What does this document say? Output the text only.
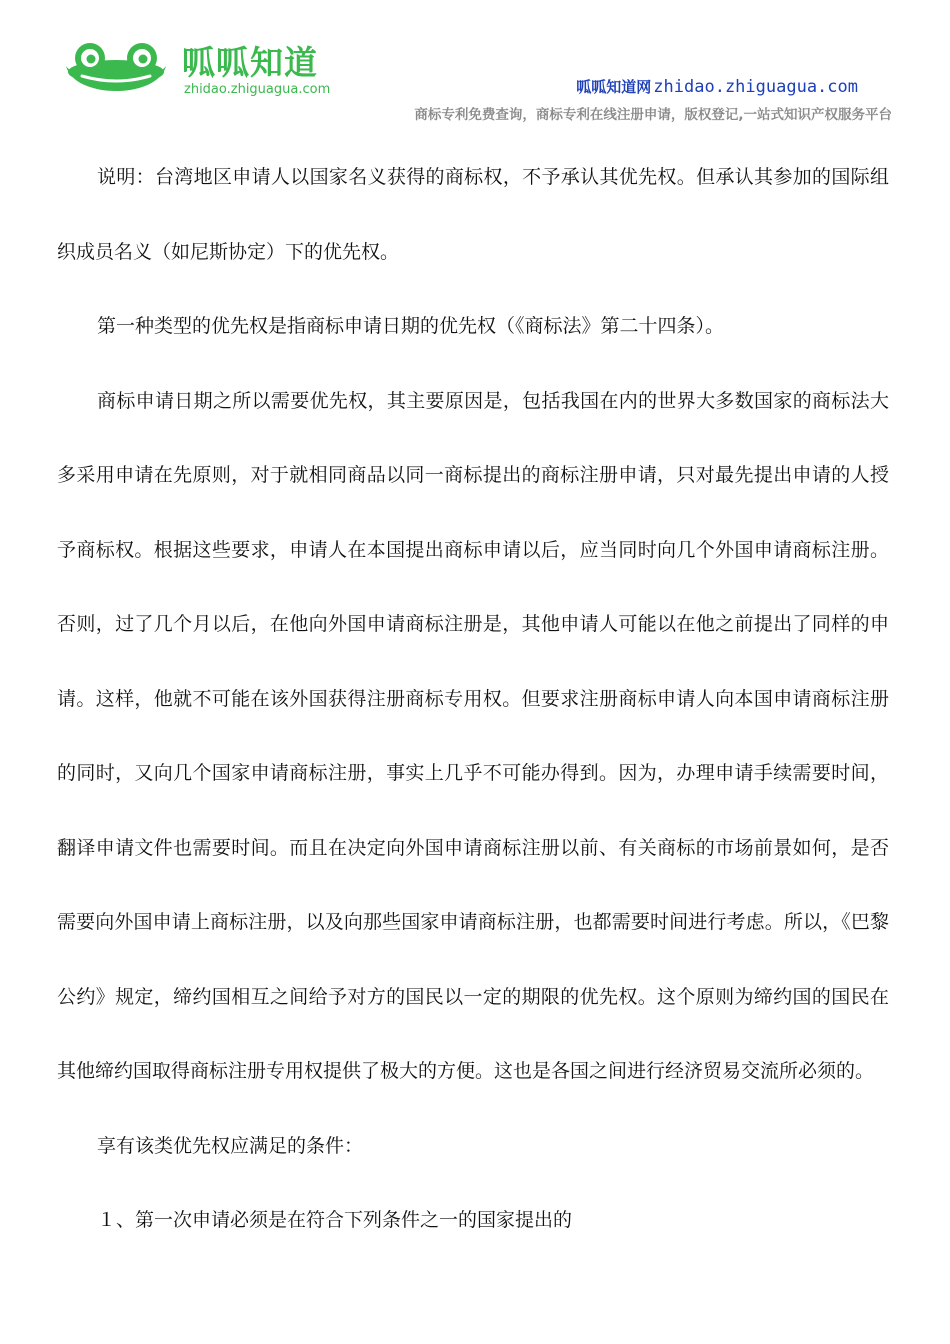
呱呱知道
zhidao.zhiguagua.com	呱呱知道网 zhidao.zhiguagua.com
商标专利免费查询，商标专利在线注册申请，版权登记,一站式知识产权服务平台

说明：台湾地区申请人以国家名义获得的商标权，不予承认其优先权。但承认其参加的国际组织成员名义（如尼斯协定）下的优先权。

第一种类型的优先权是指商标申请日期的优先权（《商标法》第二十四条）。

商标申请日期之所以需要优先权，其主要原因是，包括我国在内的世界大多数国家的商标法大多采用申请在先原则，对于就相同商品以同一商标提出的商标注册申请，只对最先提出申请的人授予商标权。根据这些要求，申请人在本国提出商标申请以后，应当同时向几个外国申请商标注册。否则，过了几个月以后，在他向外国申请商标注册是，其他申请人可能以在他之前提出了同样的申请。这样，他就不可能在该外国获得注册商标专用权。但要求注册商标申请人向本国申请商标注册的同时，又向几个国家申请商标注册，事实上几乎不可能办得到。因为，办理申请手续需要时间，翻译申请文件也需要时间。而且在决定向外国申请商标注册以前、有关商标的市场前景如何，是否需要向外国申请上商标注册，以及向那些国家申请商标注册，也都需要时间进行考虑。所以，《巴黎公约》规定，缔约国相互之间给予对方的国民以一定的期限的优先权。这个原则为缔约国的国民在其他缔约国取得商标注册专用权提供了极大的方便。这也是各国之间进行经济贸易交流所必须的。

享有该类优先权应满足的条件：

１、第一次申请必须是在符合下列条件之一的国家提出的
